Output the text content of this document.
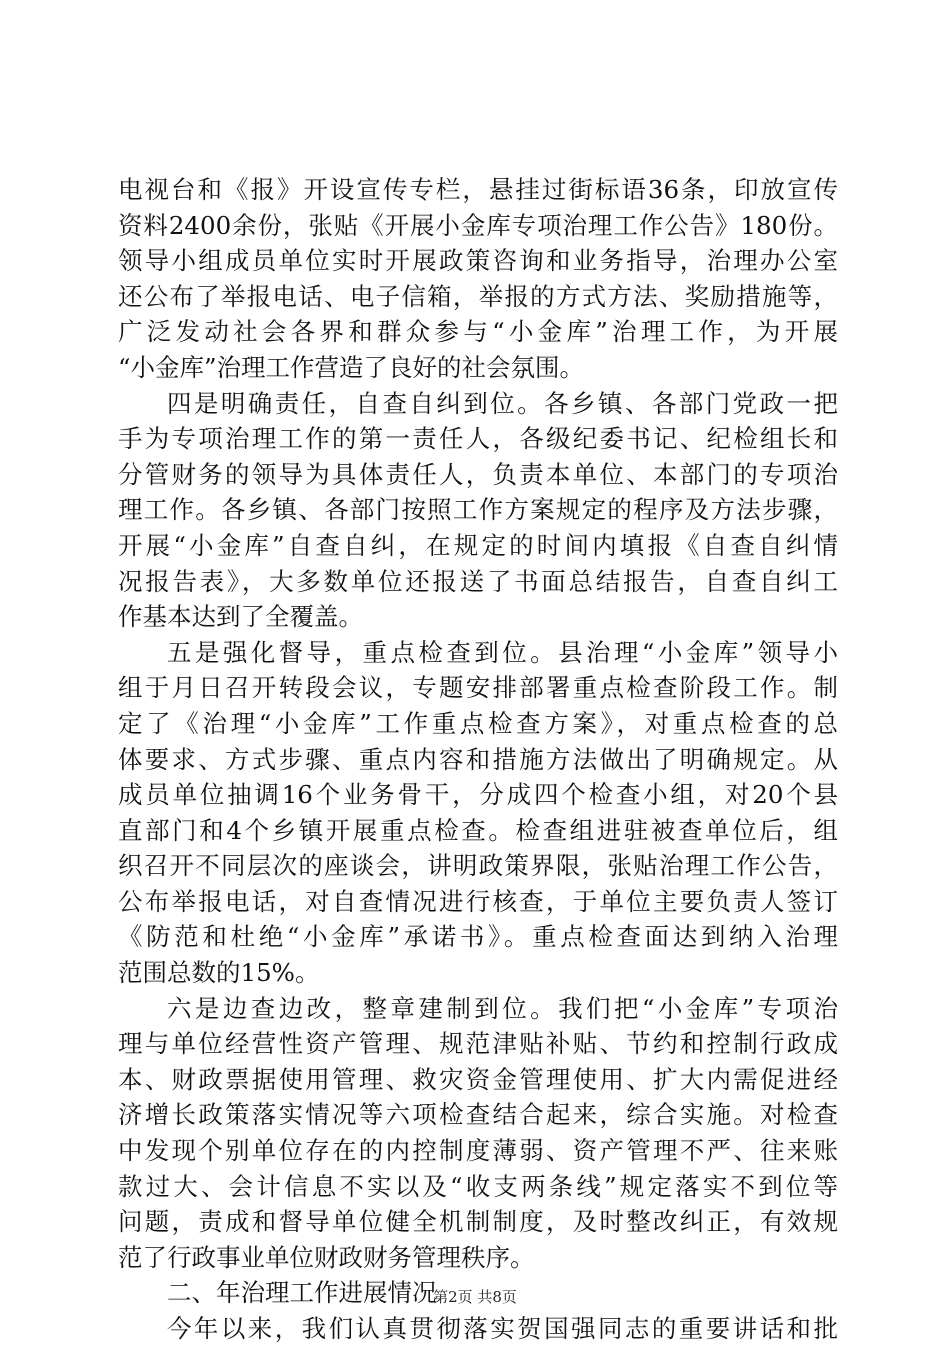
电视台和《报》开设宣传专栏，悬挂过街标语36条，印放宣传
资料2400余份，张贴《开展小金库专项治理工作公告》180份。
领导小组成员单位实时开展政策咨询和业务指导，治理办公室
还公布了举报电话、电子信箱，举报的方式方法、奖励措施等，
广泛发动社会各界和群众参与“小金库”治理工作，为开展
“小金库”治理工作营造了良好的社会氛围。
四是明确责任，自查自纠到位。各乡镇、各部门党政一把
手为专项治理工作的第一责任人，各级纪委书记、纪检组长和
分管财务的领导为具体责任人，负责本单位、本部门的专项治
理工作。各乡镇、各部门按照工作方案规定的程序及方法步骤，
开展“小金库”自查自纠，在规定的时间内填报《自查自纠情
况报告表》，大多数单位还报送了书面总结报告，自查自纠工
作基本达到了全覆盖。
五是强化督导，重点检查到位。县治理“小金库”领导小
组于月日召开转段会议，专题安排部署重点检查阶段工作。制
定了《治理“小金库”工作重点检查方案》，对重点检查的总
体要求、方式步骤、重点内容和措施方法做出了明确规定。从
成员单位抽调16个业务骨干，分成四个检查小组，对20个县
直部门和4个乡镇开展重点检查。检查组进驻被查单位后，组
织召开不同层次的座谈会，讲明政策界限，张贴治理工作公告，
公布举报电话，对自查情况进行核查，于单位主要负责人签订
《防范和杜绝“小金库”承诺书》。重点检查面达到纳入治理
范围总数的15%。
六是边查边改，整章建制到位。我们把“小金库”专项治
理与单位经营性资产管理、规范津贴补贴、节约和控制行政成
本、财政票据使用管理、救灾资金管理使用、扩大内需促进经
济增长政策落实情况等六项检查结合起来，综合实施。对检查
中发现个别单位存在的内控制度薄弱、资产管理不严、往来账
款过大、会计信息不实以及“收支两条线”规定落实不到位等
问题，责成和督导单位健全机制制度，及时整改纠正，有效规
范了行政事业单位财政财务管理秩序。
二、年治理工作进展情况
今年以来，我们认真贯彻落实贺国强同志的重要讲话和批
第2页 共8页
